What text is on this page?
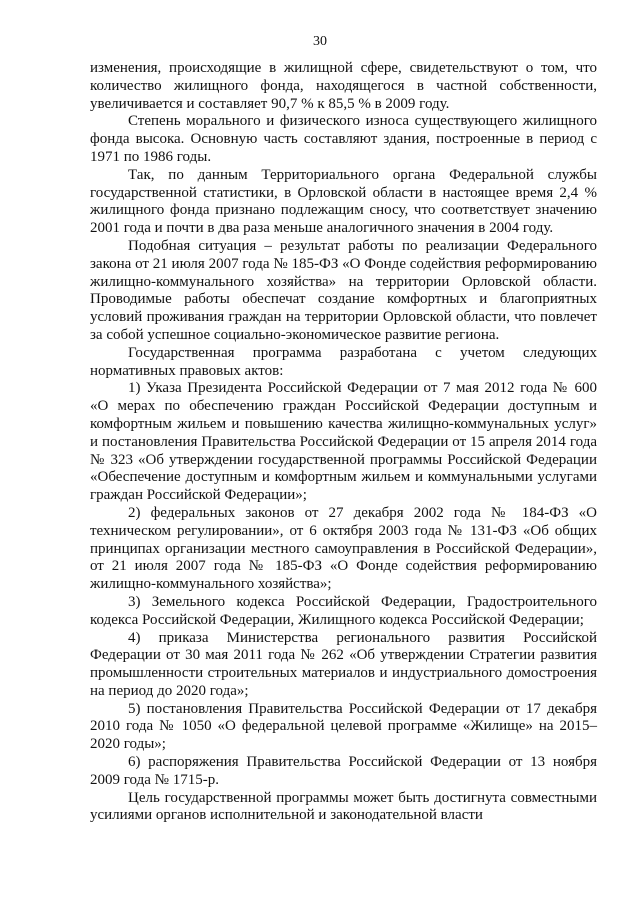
30

изменения, происходящие в жилищной сфере, свидетельствуют о том, что количество жилищного фонда, находящегося в частной собственности, увеличивается и составляет 90,7 % к 85,5 % в 2009 году.

Степень морального и физического износа существующего жилищного фонда высока. Основную часть составляют здания, построенные в период с 1971 по 1986 годы.

Так, по данным Территориального органа Федеральной службы государственной статистики, в Орловской области в настоящее время 2,4 % жилищного фонда признано подлежащим сносу, что соответствует значению 2001 года и почти в два раза меньше аналогичного значения в 2004 году.

Подобная ситуация – результат работы по реализации Федерального закона от 21 июля 2007 года № 185-ФЗ «О Фонде содействия реформированию жилищно-коммунального хозяйства» на территории Орловской области. Проводимые работы обеспечат создание комфортных и благоприятных условий проживания граждан на территории Орловской области, что повлечет за собой успешное социально-экономическое развитие региона.

Государственная программа разработана с учетом следующих нормативных правовых актов:

1) Указа Президента Российской Федерации от 7 мая 2012 года № 600 «О мерах по обеспечению граждан Российской Федерации доступным и комфортным жильем и повышению качества жилищно-коммунальных услуг» и постановления Правительства Российской Федерации от 15 апреля 2014 года № 323 «Об утверждении государственной программы Российской Федерации «Обеспечение доступным и комфортным жильем и коммунальными услугами граждан Российской Федерации»;

2) федеральных законов от 27 декабря 2002 года № 184-ФЗ «О техническом регулировании», от 6 октября 2003 года № 131-ФЗ «Об общих принципах организации местного самоуправления в Российской Федерации», от 21 июля 2007 года № 185-ФЗ «О Фонде содействия реформированию жилищно-коммунального хозяйства»;

3) Земельного кодекса Российской Федерации, Градостроительного кодекса Российской Федерации, Жилищного кодекса Российской Федерации;

4) приказа Министерства регионального развития Российской Федерации от 30 мая 2011 года № 262 «Об утверждении Стратегии развития промышленности строительных материалов и индустриального домостроения на период до 2020 года»;

5) постановления Правительства Российской Федерации от 17 декабря 2010 года № 1050 «О федеральной целевой программе «Жилище» на 2015–2020 годы»;

6) распоряжения Правительства Российской Федерации от 13 ноября 2009 года № 1715-р.

Цель государственной программы может быть достигнута совместными усилиями органов исполнительной и законодательной власти
